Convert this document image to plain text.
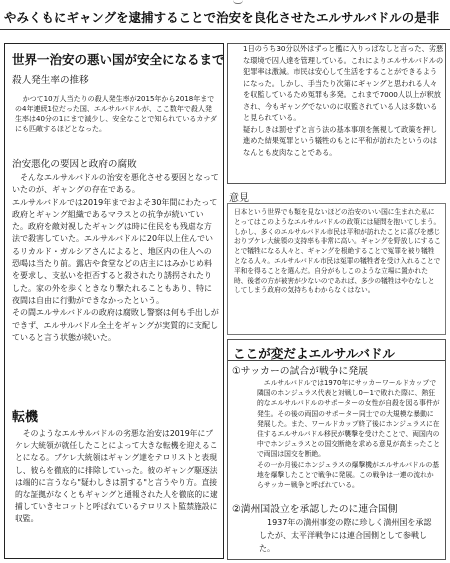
やみくもにギャングを逮捕することで治安を良化させたエルサルバドルの是非
世界一治安の悪い国が安全になるまで
殺人発生率の推移
かつて10万人当たりの殺人発生率が2015年から2018年までの4年連続1位だった国、エルサルバドルが、ここ数年で殺人発生率は40分の1にまで減少し、安全なことで知られているカナダにも匹敵するほどとなった。
治安悪化の要因と政府の腐敗
そんなエルサルバドルの治安を悪化させる要因となっていたのが、ギャングの存在である。
エルサルバドルでは2019年までおよそ30年間にわたって政府とギャング組織であるマラスとの抗争が続いていた。政府を敵対視したギャングは時に住民をも残虐な方法で殺害していた。エルサルバドルに20年以上住んでいるリカルド・ガルシアさんによると、地区内の住人への恐喝は当たり前。露店や食堂などの店主にはみかじめ料を要求し、支払いを拒否すると殺されたり誘拐されたりした。家の外を歩くときなり撃たれることもあり、特に夜間は自由に行動ができなかったという。
その間エルサルバドルの政府は腐敗し警察は何も手出しができず、エルサルバドル全土をギャングが実質的に支配していると言う状態が続いた。
転機
そのようなエルサルバドルの劣悪な治安は2019年にブケレ大統領が就任したことによって大きな転機を迎えることになる。ブケレ大統領はギャング達をテロリストと表現し、彼らを徹底的に排除していった。彼のギャング駆逐法は端的に言うなら"疑わしきは罰する"と言うやり方。直接的な証拠がなくともギャングと通報された人を徹底的に逮捕していきセコットと呼ばれているテロリスト監禁施設に収監。
1日のうち30分以外はずっと檻に入りっぱなしと言った、劣悪な環境で囚人達を管理している。これによりエルサルバドルの犯罪率は激減。市民は安心して生活をすることができるようになった。しかし、手当たり次第にギャングと思われる人々を収監しているため冤罪も多発。これまで7000人以上が釈放され、今もギャングでないのに収監されている人は多数いると見られている。
疑わしきは罰せずと言う法の基本事項を無視して政策を押し進めた結果冤罪という犠牲のもとに平和が訪れたというのはなんとも皮肉なことである。
意見
日本という世界でも類を見ないほどの治安のいい国に生まれた私にとってはこのようなエルサルバドルの政策には疑問を抱いてしまう。しかし、多くのエルサルバドル市民は平和が訪れたことに喜びを感じおりブケレ大統領の支持率も非常に高い。ギャングを野放しにすることで犠牲になる人々と、ギャングを根絶することで冤罪を被り犠牲となる人々。エルサルバドル市民は冤罪の犠牲者を受け入れることで平和を得ることを選んだ。自分がもしこのような立場に置かれた時、後者の方が被害が少ないのであれば、多少の犠牲はやむなしとしてしまう政府の気持ちもわからなくはない。
ここが変だよエルサルバドル
①サッカーの試合が戦争に発展
エルサルバドルでは1970年にサッカーワールドカップで隣国のホンジュラス代表と対戦し0ー1で敗れた際に、熱狂的なエルサルバドルのサポーターの女性が自殺を図る事件が発生。その後の両国のサポーター同士での大規模な暴動に発展した。また、ワールドカップ終了後にホンジュラスに在住するエルサルバドル移民が襲撃を受けたことで、両国内の中でホンジュラスとの国交断絶を求める意見が高まったことで両国は国交を断絶。
その一か月後にホンジュラスの爆撃機がエルサルバドルの基地を爆撃したことで戦争に発展。この戦争は一連の流れからサッカー戦争と呼ばれている。
②満州国設立を承認したのに連合国側
1937年の満州事変の際に珍しく満州国を承認したが、太平洋戦争には連合国側として参戦した。
